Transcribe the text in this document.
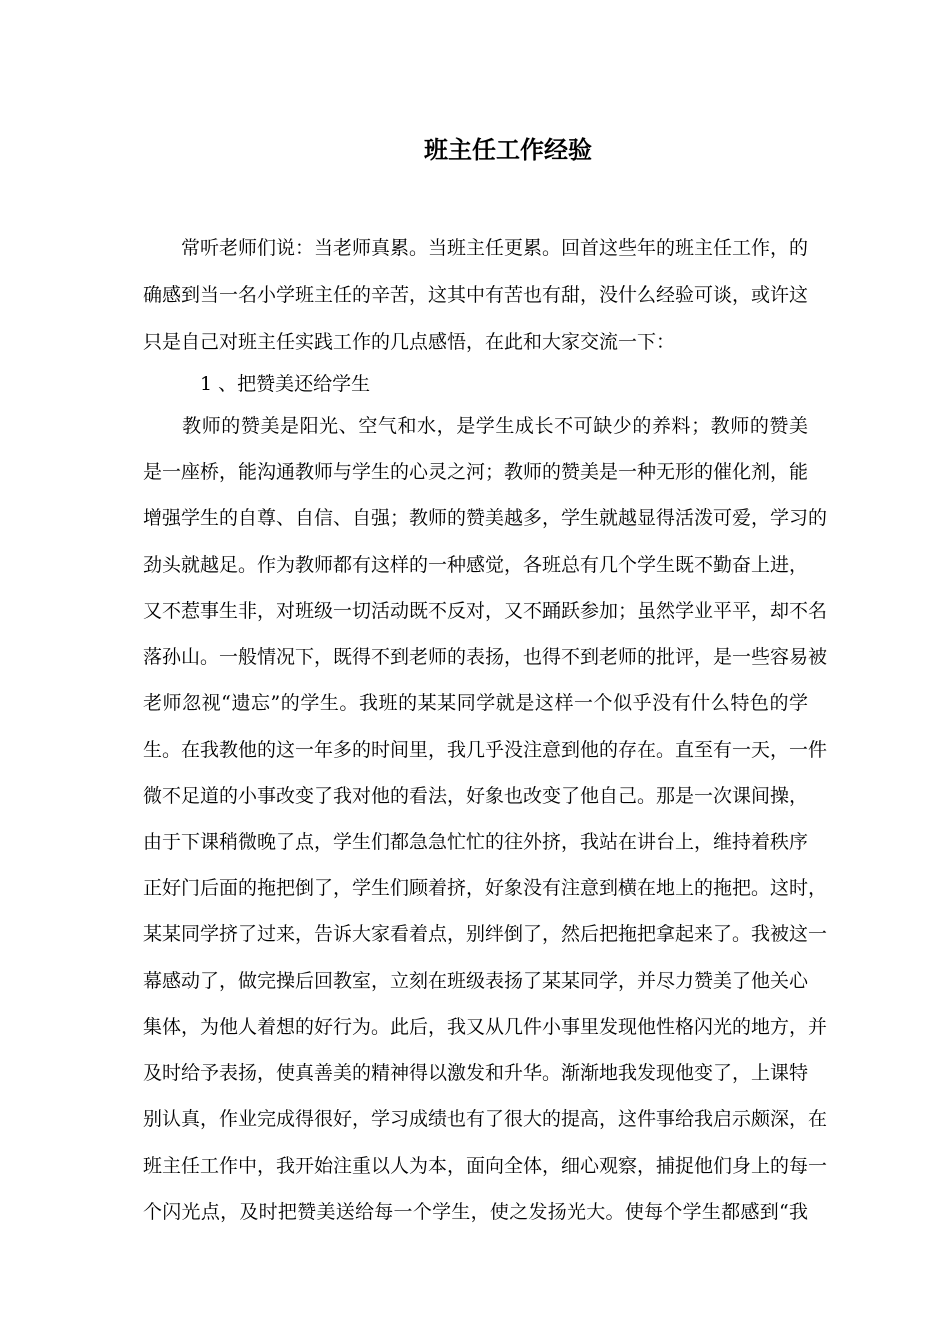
班主任工作经验
　　常听老师们说：当老师真累。当班主任更累。回首这些年的班主任工作，的
确感到当一名小学班主任的辛苦，这其中有苦也有甜，没什么经验可谈，或许这
只是自己对班主任实践工作的几点感悟，在此和大家交流一下：
1 、把赞美还给学生
　　教师的赞美是阳光、空气和水，是学生成长不可缺少的养料；教师的赞美
是一座桥，能沟通教师与学生的心灵之河；教师的赞美是一种无形的催化剂，能
增强学生的自尊、自信、自强；教师的赞美越多，学生就越显得活泼可爱，学习的
劲头就越足。作为教师都有这样的一种感觉，各班总有几个学生既不勤奋上进，
又不惹事生非，对班级一切活动既不反对，又不踊跃参加；虽然学业平平，却不名
落孙山。一般情况下，既得不到老师的表扬，也得不到老师的批评，是一些容易被
老师忽视“遗忘”的学生。我班的某某同学就是这样一个似乎没有什么特色的学
生。在我教他的这一年多的时间里，我几乎没注意到他的存在。直至有一天，一件
微不足道的小事改变了我对他的看法，好象也改变了他自己。那是一次课间操，
由于下课稍微晚了点，学生们都急急忙忙的往外挤，我站在讲台上，维持着秩序
正好门后面的拖把倒了，学生们顾着挤，好象没有注意到横在地上的拖把。这时，
某某同学挤了过来，告诉大家看着点，别绊倒了，然后把拖把拿起来了。我被这一
幕感动了，做完操后回教室，立刻在班级表扬了某某同学，并尽力赞美了他关心
集体，为他人着想的好行为。此后，我又从几件小事里发现他性格闪光的地方，并
及时给予表扬，使真善美的精神得以激发和升华。渐渐地我发现他变了，上课特
别认真，作业完成得很好，学习成绩也有了很大的提高，这件事给我启示颇深，在
班主任工作中，我开始注重以人为本，面向全体，细心观察，捕捉他们身上的每一
个闪光点，及时把赞美送给每一个学生，使之发扬光大。使每个学生都感到“我
